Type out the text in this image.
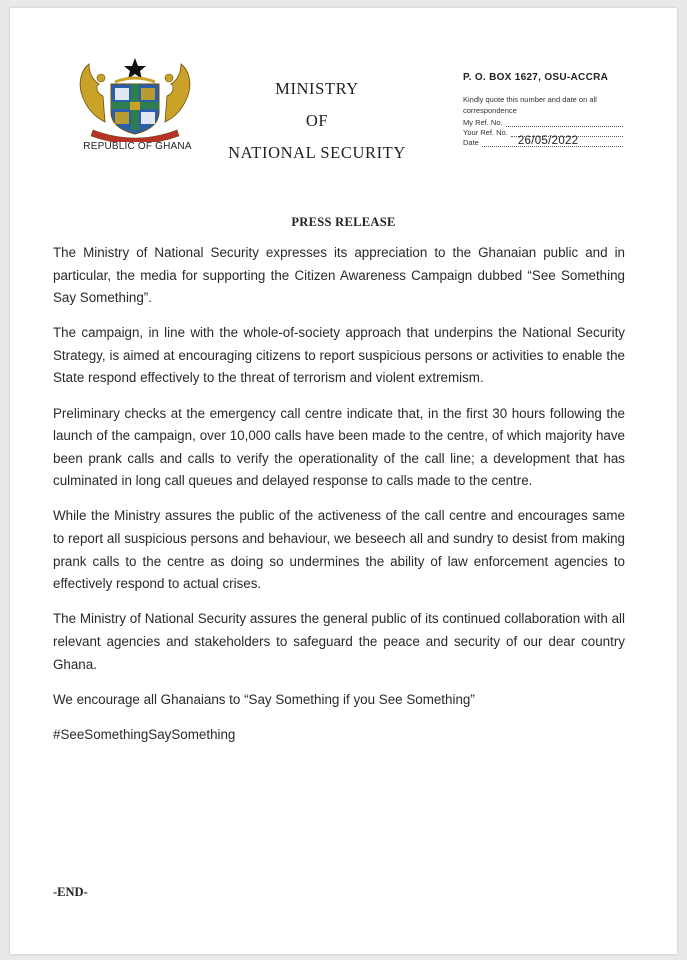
REPUBLIC OF GHANA
MINISTRY
OF
NATIONAL SECURITY
P. O. BOX 1627, OSU-ACCRA
Kindly quote this number and date on all correspondence
My Ref. No.
Your Ref. No.
Date	26/05/2022
PRESS RELEASE

The Ministry of National Security expresses its appreciation to the Ghanaian public and in particular, the media for supporting the Citizen Awareness Campaign dubbed “See Something Say Something”.

The campaign, in line with the whole-of-society approach that underpins the National Security Strategy, is aimed at encouraging citizens to report suspicious persons or activities to enable the State respond effectively to the threat of terrorism and violent extremism.

Preliminary checks at the emergency call centre indicate that, in the first 30 hours following the launch of the campaign, over 10,000 calls have been made to the centre, of which majority have been prank calls and calls to verify the operationality of the call line; a development that has culminated in long call queues and delayed response to calls made to the centre.

While the Ministry assures the public of the activeness of the call centre and encourages same to report all suspicious persons and behaviour, we beseech all and sundry to desist from making prank calls to the centre as doing so undermines the ability of law enforcement agencies to effectively respond to actual crises.

The Ministry of National Security assures the general public of its continued collaboration with all relevant agencies and stakeholders to safeguard the peace and security of our dear country Ghana.

We encourage all Ghanaians to “Say Something if you See Something”

#SeeSomethingSaySomething

-END-
